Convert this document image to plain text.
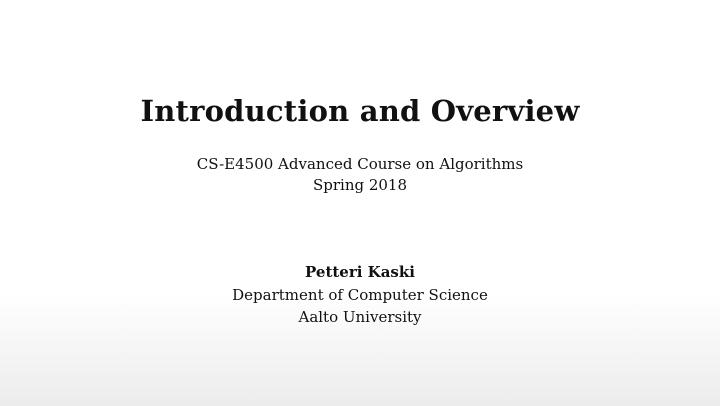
Introduction and Overview
CS-E4500 Advanced Course on Algorithms
Spring 2018
Petteri Kaski
Department of Computer Science
Aalto University
